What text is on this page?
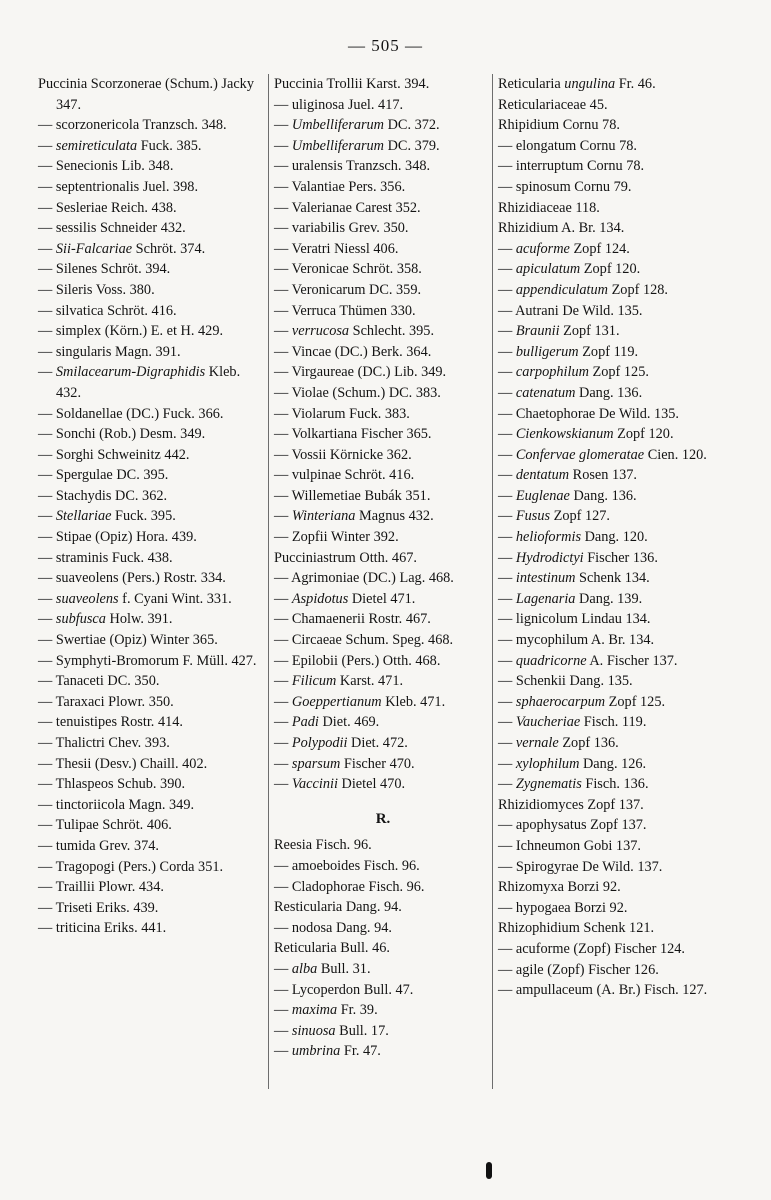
— 505 —
Puccinia Scorzonerae (Schum.) Jacky 347.
— scorzonericola Tranzsch. 348.
— semireticulata Fuck. 385.
— Senecionis Lib. 348.
— septentrionalis Juel. 398.
— Sesleriae Reich. 438.
— sessilis Schneider 432.
— Sii-Falcariae Schröt. 374.
— Silenes Schröt. 394.
— Sileris Voss. 380.
— silvatica Schröt. 416.
— simplex (Körn.) E. et H. 429.
— singularis Magn. 391.
— Smilacearum-Digraphidis Kleb. 432.
— Soldanellae (DC.) Fuck. 366.
— Sonchi (Rob.) Desm. 349.
— Sorghi Schweinitz 442.
— Spergulae DC. 395.
— Stachydis DC. 362.
— Stellariae Fuck. 395.
— Stipae (Opiz) Hora. 439.
— straminis Fuck. 438.
— suaveolens (Pers.) Rostr. 334.
— suaveolens f. Cyani Wint. 331.
— subfusca Holw. 391.
— Swertiae (Opiz) Winter 365.
— Symphyti-Bromorum F. Müll. 427.
— Tanaceti DC. 350.
— Taraxaci Plowr. 350.
— tenuistipes Rostr. 414.
— Thalictri Chev. 393.
— Thesii (Desv.) Chaill. 402.
— Thlaspeos Schub. 390.
— tinctoriicola Magn. 349.
— Tulipae Schröt. 406.
— tumida Grev. 374.
— Tragopogi (Pers.) Corda 351.
— Traillii Plowr. 434.
— Triseti Eriks. 439.
— triticina Eriks. 441.
Puccinia Trollii Karst. 394.
— uliginosa Juel. 417.
— Umbelliferarum DC. 372.
— Umbelliferarum DC. 379.
— uralensis Tranzsch. 348.
— Valantiae Pers. 356.
— Valerianae Carest 352.
— variabilis Grev. 350.
— Veratri Niessl 406.
— Veronicae Schröt. 358.
— Veronicarum DC. 359.
— Verruca Thümen 330.
— verrucosa Schlecht. 395.
— Vincae (DC.) Berk. 364.
— Virgaureae (DC.) Lib. 349.
— Violae (Schum.) DC. 383.
— Violarum Fuck. 383.
— Volkartiana Fischer 365.
— Vossii Körnicke 362.
— vulpinae Schröt. 416.
— Willemetiae Bubák 351.
— Winteriana Magnus 432.
— Zopfii Winter 392.
Pucciniastrum Otth. 467.
— Agrimoniae (DC.) Lag. 468.
— Aspidotus Dietel 471.
— Chamaenerii Rostr. 467.
— Circaeae Schum. Speg. 468.
— Epilobii (Pers.) Otth. 468.
— Filicum Karst. 471.
— Goeppertianum Kleb. 471.
— Padi Diet. 469.
— Polypodii Diet. 472.
— sparsum Fischer 470.
— Vaccinii Dietel 470.
R.
Reesia Fisch. 96.
— amoeboides Fisch. 96.
— Cladophorae Fisch. 96.
Resticularia Dang. 94.
— nodosa Dang. 94.
Reticularia Bull. 46.
— alba Bull. 31.
— Lycoperdon Bull. 47.
— maxima Fr. 39.
— sinuosa Bull. 17.
— umbrina Fr. 47.
Reticularia ungulina Fr. 46.
Reticulariaceae 45.
Rhipidium Cornu 78.
— elongatum Cornu 78.
— interruptum Cornu 78.
— spinosum Cornu 79.
Rhizidiaceae 118.
Rhizidium A. Br. 134.
— acuforme Zopf 124.
— apiculatum Zopf 120.
— appendiculatum Zopf 128.
— Autrani De Wild. 135.
— Braunii Zopf 131.
— bulligerum Zopf 119.
— carpophilum Zopf 125.
— catenatum Dang. 136.
— Chaetophorae De Wild. 135.
— Cienkowskianum Zopf 120.
— Confervae glomeratae Cien. 120.
— dentatum Rosen 137.
— Euglenae Dang. 136.
— Fusus Zopf 127.
— helioformis Dang. 120.
— Hydrodictyi Fischer 136.
— intestinum Schenk 134.
— Lagenaria Dang. 139.
— lignicolum Lindau 134.
— mycophilum A. Br. 134.
— quadricorne A. Fischer 137.
— Schenkii Dang. 135.
— sphaerocarpum Zopf 125.
— Vaucheriae Fisch. 119.
— vernale Zopf 136.
— xylophilum Dang. 126.
— Zygnematis Fisch. 136.
Rhizidiomyces Zopf 137.
— apophysatus Zopf 137.
— Ichneumon Gobi 137.
— Spirogyrae De Wild. 137.
Rhizomyxa Borzi 92.
— hypogaea Borzi 92.
Rhizophidium Schenk 121.
— acuforme (Zopf) Fischer 124.
— agile (Zopf) Fischer 126.
— ampullaceum (A. Br.) Fisch. 127.
